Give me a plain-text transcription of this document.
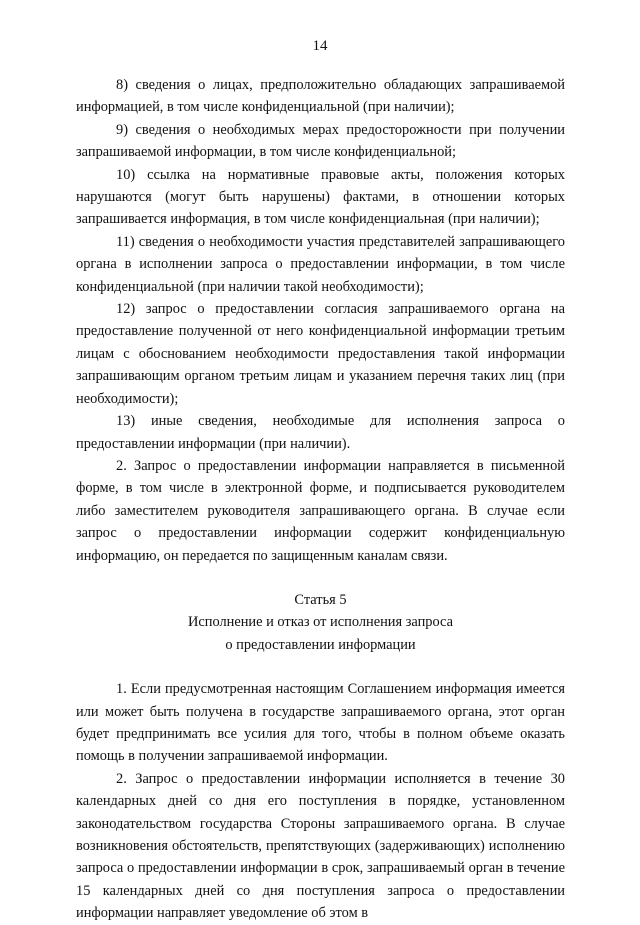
14

8) сведения о лицах, предположительно обладающих запрашиваемой информацией, в том числе конфиденциальной (при наличии);

9) сведения о необходимых мерах предосторожности при получении запрашиваемой информации, в том числе конфиденциальной;

10) ссылка на нормативные правовые акты, положения которых нарушаются (могут быть нарушены) фактами, в отношении которых запрашивается информация, в том числе конфиденциальная (при наличии);

11) сведения о необходимости участия представителей запрашивающего органа в исполнении запроса о предоставлении информации, в том числе конфиденциальной (при наличии такой необходимости);

12) запрос о предоставлении согласия запрашиваемого органа на предоставление полученной от него конфиденциальной информации третьим лицам с обоснованием необходимости предоставления такой информации запрашивающим органом третьим лицам и указанием перечня таких лиц (при необходимости);

13) иные сведения, необходимые для исполнения запроса о предоставлении информации (при наличии).

2. Запрос о предоставлении информации направляется в письменной форме, в том числе в электронной форме, и подписывается руководителем либо заместителем руководителя запрашивающего органа. В случае если запрос о предоставлении информации содержит конфиденциальную информацию, он передается по защищенным каналам связи.

Статья 5
Исполнение и отказ от исполнения запроса
о предоставлении информации

1. Если предусмотренная настоящим Соглашением информация имеется или может быть получена в государстве запрашиваемого органа, этот орган будет предпринимать все усилия для того, чтобы в полном объеме оказать помощь в получении запрашиваемой информации.

2. Запрос о предоставлении информации исполняется в течение 30 календарных дней со дня его поступления в порядке, установленном законодательством государства Стороны запрашиваемого органа. В случае возникновения обстоятельств, препятствующих (задерживающих) исполнению запроса о предоставлении информации в срок, запрашиваемый орган в течение 15 календарных дней со дня поступления запроса о предоставлении информации направляет уведомление об этом в
